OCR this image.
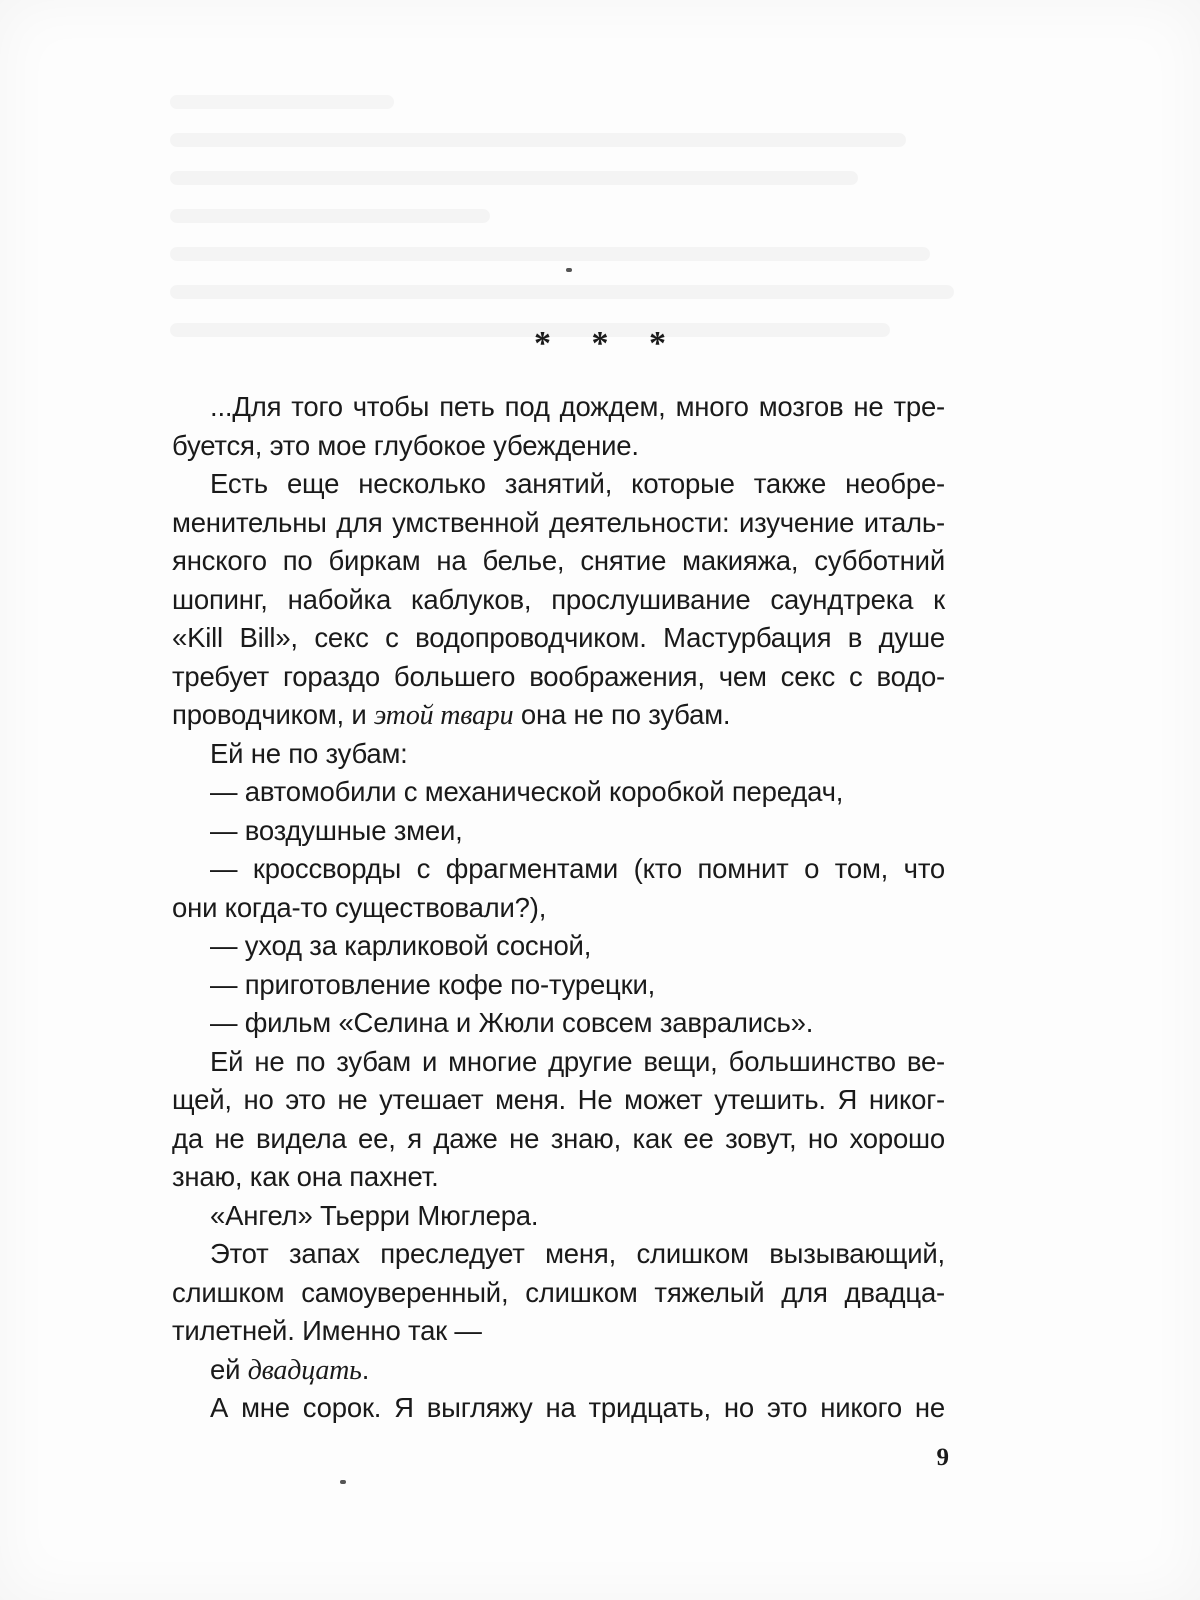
* * *
...Для того чтобы петь под дождем, много мозгов не тре-
буется, это мое глубокое убеждение.
Есть еще несколько занятий, которые также необре-
менительны для умственной деятельности: изучение италь-
янского по биркам на белье, снятие макияжа, субботний
шопинг, набойка каблуков, прослушивание саундтрека к
«Kill Bill», секс с водопроводчиком. Мастурбация в душе
требует гораздо большего воображения, чем секс с водо-
проводчиком, и этой твари она не по зубам.
Ей не по зубам:
— автомобили с механической коробкой передач,
— воздушные змеи,
— кроссворды с фрагментами (кто помнит о том, что
они когда-то существовали?),
— уход за карликовой сосной,
— приготовление кофе по-турецки,
— фильм «Селина и Жюли совсем заврались».
Ей не по зубам и многие другие вещи, большинство ве-
щей, но это не утешает меня. Не может утешить. Я никог-
да не видела ее, я даже не знаю, как ее зовут, но хорошо
знаю, как она пахнет.
«Ангел» Тьерри Мюглера.
Этот запах преследует меня, слишком вызывающий,
слишком самоуверенный, слишком тяжелый для двадца-
тилетней. Именно так —
ей двадцать.
А мне сорок. Я выгляжу на тридцать, но это никого не
9
